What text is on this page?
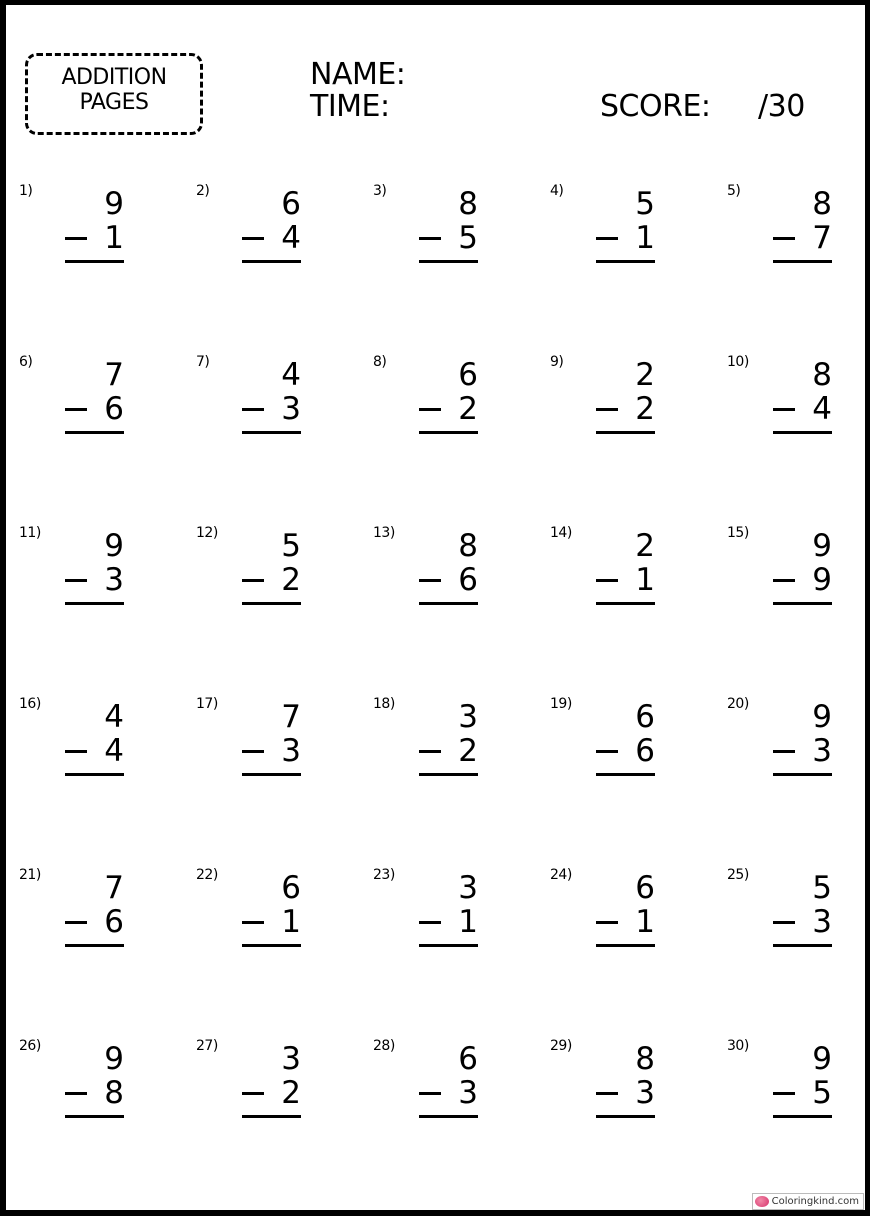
ADDITION
PAGES
NAME:
TIME:	SCORE: /30
1)	9
1
2)	6
4
3)	8
5
4)	5
1
5)	8
7
6)	7
6
7)	4
3
8)	6
2
9)	2
2
10)	8
4
11)	9
3
12)	5
2
13)	8
6
14)	2
1
15)	9
9
16)	4
4
17)	7
3
18)	3
2
19)	6
6
20)	9
3
21)	7
6
22)	6
1
23)	3
1
24)	6
1
25)	5
3
26)	9
8
27)	3
2
28)	6
3
29)	8
3
30)	9
5
Coloringkind.com
